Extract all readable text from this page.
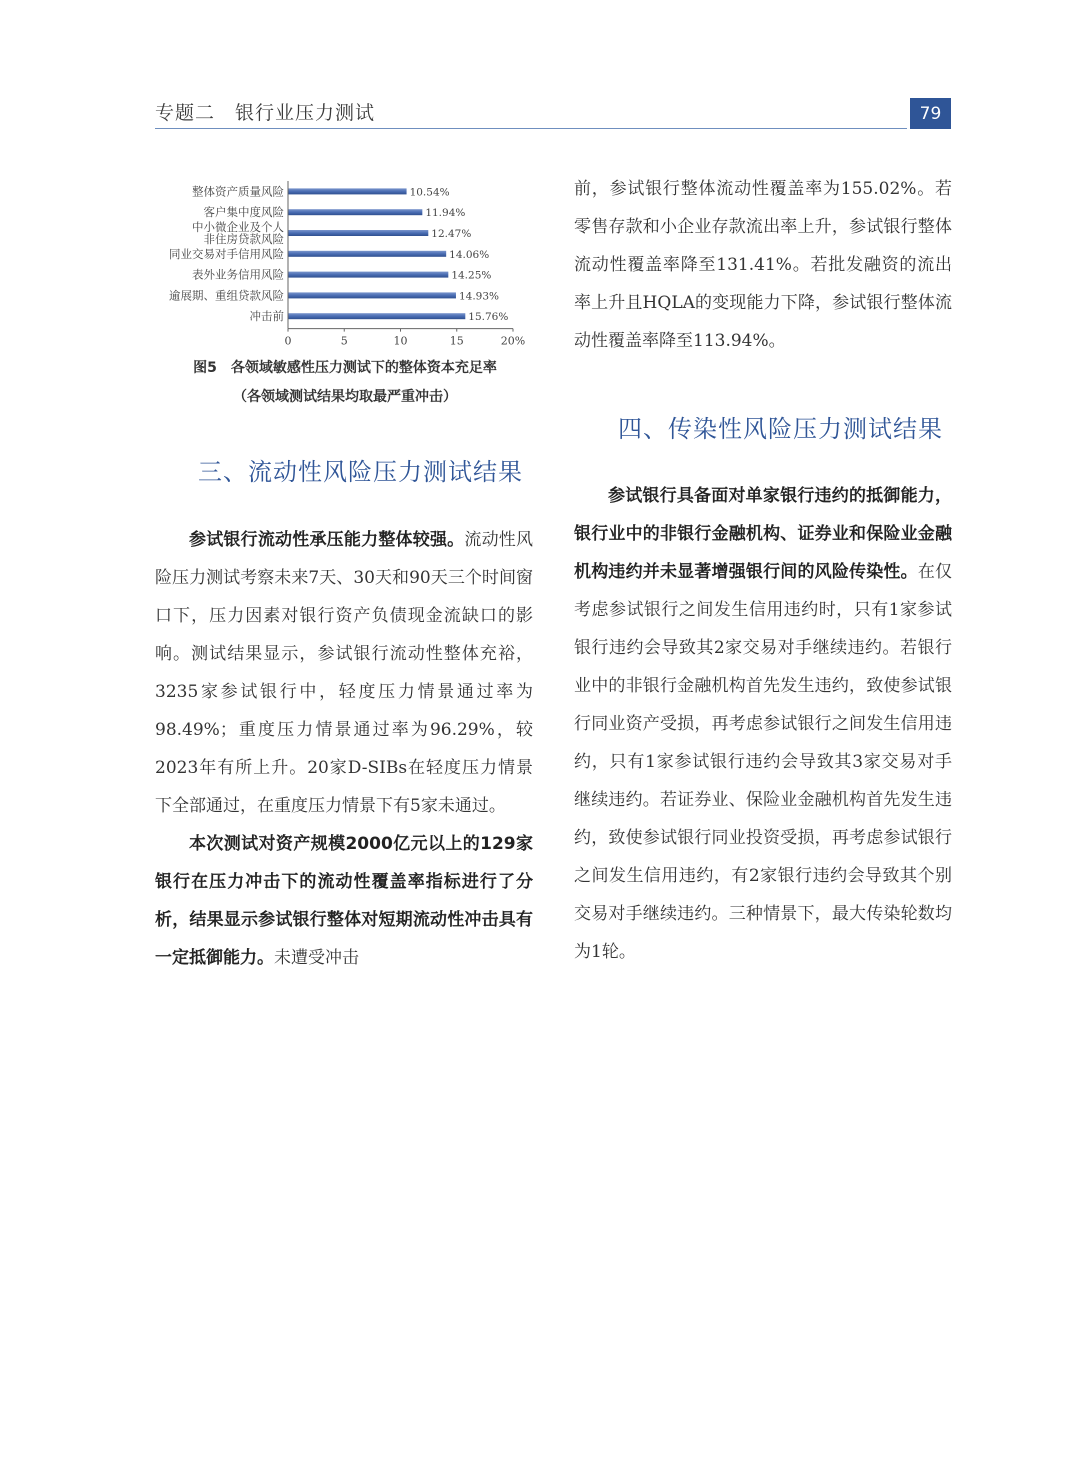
专题二　银行业压力测试	79
整体资产质量风险	10.54%
客户集中度风险	11.94%
中小微企业及个人非住房贷款风险	12.47%
同业交易对手信用风险	14.06%
表外业务信用风险	14.25%
逾展期、重组贷款风险	14.93%
冲击前	15.76%
0	5	10	15	20%
图5　各领域敏感性压力测试下的整体资本充足率
（各领域测试结果均取最严重冲击）
三、流动性风险压力测试结果

参试银行流动性承压能力整体较强。流动性风险压力测试考察未来7天、30天和90天三个时间窗口下，压力因素对银行资产负债现金流缺口的影响。测试结果显示，参试银行流动性整体充裕，3235家参试银行中，轻度压力情景通过率为98.49%；重度压力情景通过率为96.29%，较2023年有所上升。20家D-SIBs在轻度压力情景下全部通过，在重度压力情景下有5家未通过。

本次测试对资产规模2000亿元以上的129家银行在压力冲击下的流动性覆盖率指标进行了分析，结果显示参试银行整体对短期流动性冲击具有一定抵御能力。未遭受冲击

前，参试银行整体流动性覆盖率为155.02%。若零售存款和小企业存款流出率上升，参试银行整体流动性覆盖率降至131.41%。若批发融资的流出率上升且HQLA的变现能力下降，参试银行整体流动性覆盖率降至113.94%。

四、传染性风险压力测试结果

参试银行具备面对单家银行违约的抵御能力，银行业中的非银行金融机构、证券业和保险业金融机构违约并未显著增强银行间的风险传染性。在仅考虑参试银行之间发生信用违约时，只有1家参试银行违约会导致其2家交易对手继续违约。若银行业中的非银行金融机构首先发生违约，致使参试银行同业资产受损，再考虑参试银行之间发生信用违约，只有1家参试银行违约会导致其3家交易对手继续违约。若证券业、保险业金融机构首先发生违约，致使参试银行同业投资受损，再考虑参试银行之间发生信用违约，有2家银行违约会导致其个别交易对手继续违约。三种情景下，最大传染轮数均为1轮。
